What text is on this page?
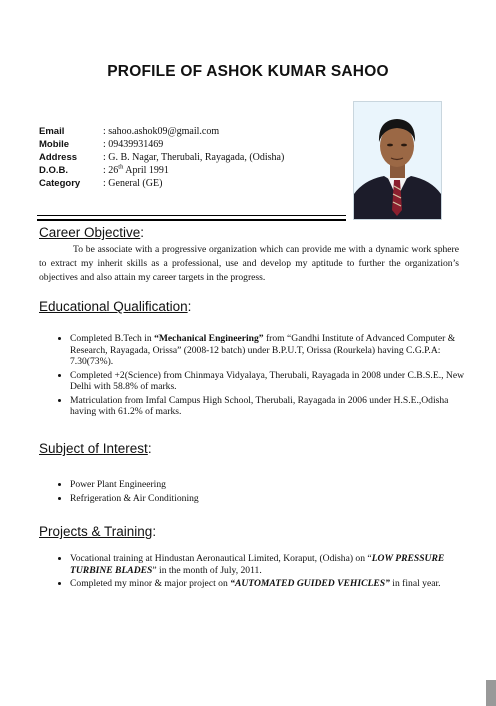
PROFILE OF ASHOK KUMAR SAHOO
Email	: sahoo.ashok09@gmail.com
Mobile	: 09439931469
Address	: G. B. Nagar, Therubali, Rayagada, (Odisha)
D.O.B.	: 26th April 1991
Category	: General (GE)
Career Objective:
To be associate with a progressive organization which can provide me with a dynamic work sphere to extract my inherit skills as a professional, use and develop my aptitude to further the organization’s objectives and also attain my career targets in the progress.
Educational Qualification:
• Completed B.Tech in “Mechanical Engineering” from “Gandhi Institute of Advanced Computer & Research, Rayagada, Orissa” (2008-12 batch) under B.P.U.T, Orissa (Rourkela) having C.G.P.A: 7.30(73%).
• Completed +2(Science) from Chinmaya Vidyalaya, Therubali, Rayagada in 2008 under C.B.S.E., New Delhi with 58.8% of marks.
• Matriculation from Imfal Campus High School, Therubali, Rayagada in 2006 under H.S.E.,Odisha having with 61.2% of marks.
Subject of Interest:
• Power Plant Engineering
• Refrigeration & Air Conditioning
Projects & Training:
• Vocational training at Hindustan Aeronautical Limited, Koraput, (Odisha) on “LOW PRESSURE TURBINE BLADES” in the month of July, 2011.
• Completed my minor & major project on “AUTOMATED GUIDED VEHICLES” in final year.
